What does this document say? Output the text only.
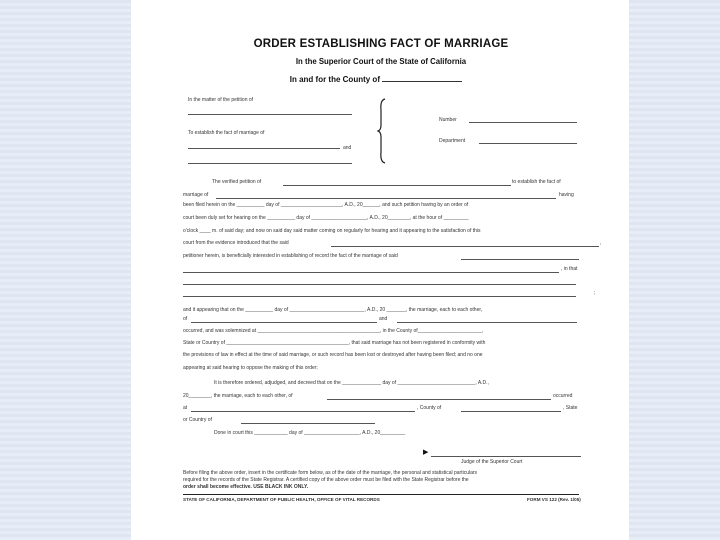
ORDER ESTABLISHING FACT OF MARRIAGE
In the Superior Court of the State of California
In and for the County of
In the matter of the petition of
To establish the fact of marriage of
and
Number
Department
The verified petition of	to establish the fact of
marriage of	having
been filed herein on the __________ day of ______________________, A.D., 20______, and such petition having by an order of
court been duly set for hearing on the __________ day of ____________________, A.D., 20________, at the hour of _________
o'clock ____ m. of said day; and now on said day said matter coming on regularly for hearing and it appearing to the satisfaction of this
court from the evidence introduced that the said	,
petitioner herein, is beneficially interested in establishing of record the fact of the marriage of said
, in that
;
and it appearing that on the __________ day of ___________________________, A.D., 20 _______, the marriage, each to each other,
of	and
occurred, and was solemnized at ____________________________________________, in the County of_______________________,
State or Country of ____________________________________________, that said marriage has not been registered in conformity with
the provisions of law in effect at the time of said marriage, or such record has been lost or destroyed after having been filed; and no one
appearing at said hearing to oppose the making of this order;
It is therefore ordered, adjudged, and decreed that on the ______________ day of ____________________________, A.D.,
20________, the marriage, each to each other, of	occurred
at	, County of	, State
or Country of
Done in court this ____________ day of ____________________, A.D., 20_________
▶
Judge of the Superior Court
Before filing the above order, insert in the certificate form below, as of the date of the marriage, the personal and statistical particulars
required for the records of the State Registrar. A certified copy of the above order must be filed with the State Registrar before the
order shall become effective. USE BLACK INK ONLY.
STATE OF CALIFORNIA, DEPARTMENT OF PUBLIC HEALTH, OFFICE OF VITAL RECORDS	FORM VS 122 (Rev. 1/05)
